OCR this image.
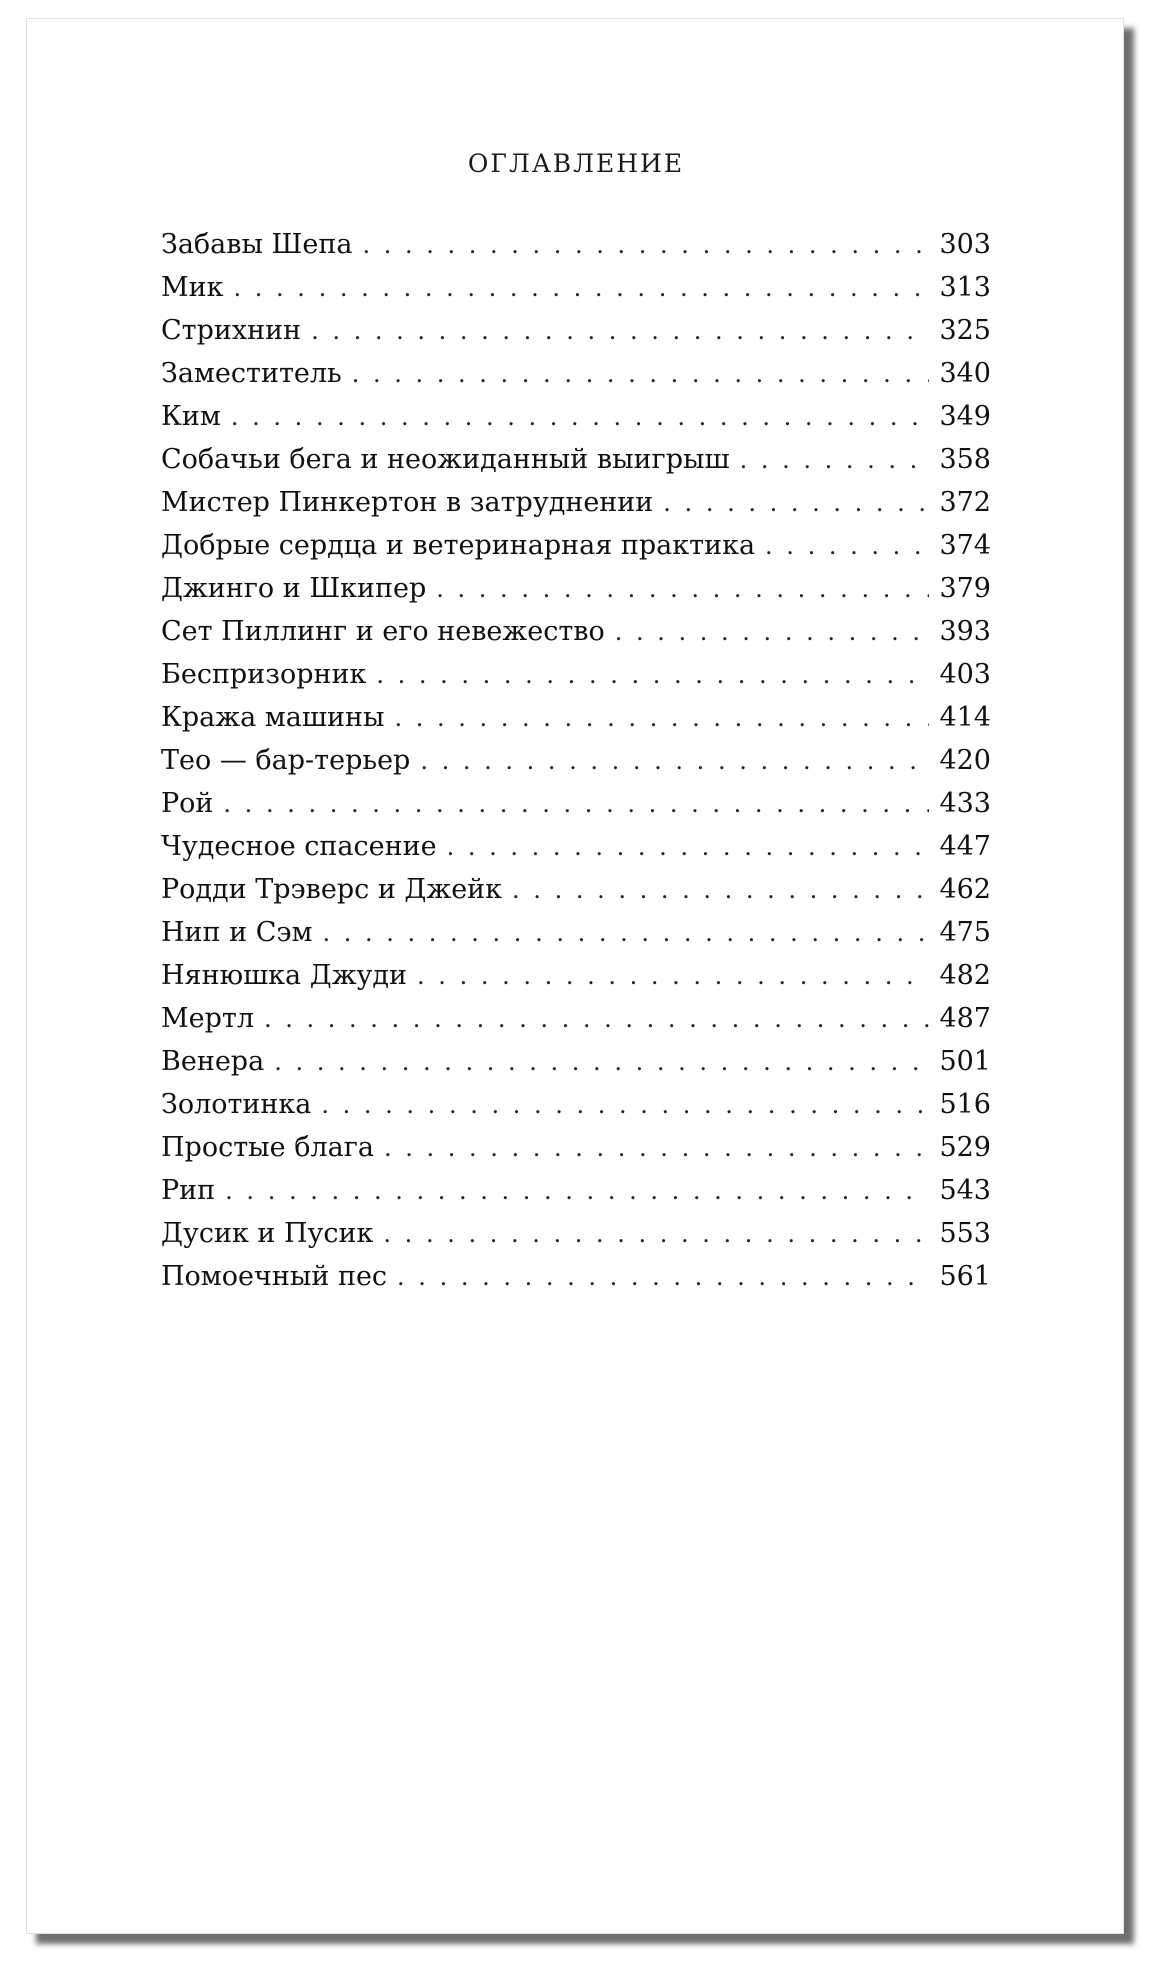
ОГЛАВЛЕНИЕ
Забавы Шепа . . .	303
Мик . . .	313
Стрихнин . . .	325
Заместитель . . .	340
Ким . . .	349
Собачьи бега и неожиданный выигрыш . . .	358
Мистер Пинкертон в затруднении . . .	372
Добрые сердца и ветеринарная практика . . .	374
Джинго и Шкипер . . .	379
Сет Пиллинг и его невежество . . .	393
Беспризорник . . .	403
Кража машины . . .	414
Тео — бар-терьер . . .	420
Рой . . .	433
Чудесное спасение . . .	447
Родди Трэверс и Джейк . . .	462
Нип и Сэм . . .	475
Нянюшка Джуди . . .	482
Мертл . . .	487
Венера . . .	501
Золотинка . . .	516
Простые блага . . .	529
Рип . . .	543
Дусик и Пусик . . .	553
Помоечный пес . . .	561
